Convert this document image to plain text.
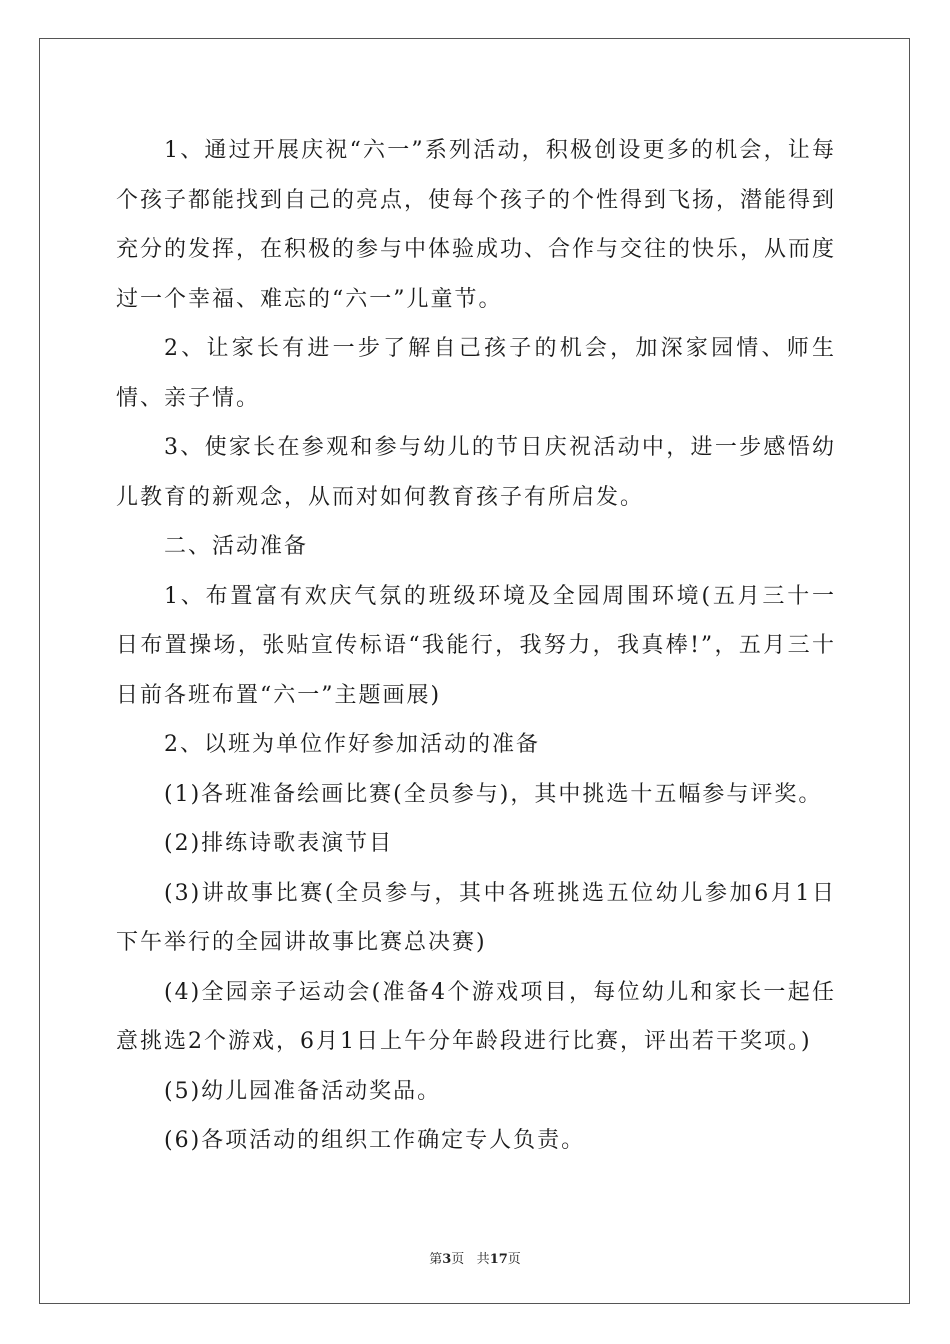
1、通过开展庆祝“六一”系列活动，积极创设更多的机会，让每个孩子都能找到自己的亮点，使每个孩子的个性得到飞扬，潜能得到充分的发挥，在积极的参与中体验成功、合作与交往的快乐，从而度过一个幸福、难忘的“六一”儿童节。

2、让家长有进一步了解自己孩子的机会，加深家园情、师生情、亲子情。

3、使家长在参观和参与幼儿的节日庆祝活动中，进一步感悟幼儿教育的新观念，从而对如何教育孩子有所启发。

二、活动准备

1、布置富有欢庆气氛的班级环境及全园周围环境(五月三十一日布置操场，张贴宣传标语“我能行，我努力，我真棒!”，五月三十日前各班布置“六一”主题画展)

2、以班为单位作好参加活动的准备

(1)各班准备绘画比赛(全员参与)，其中挑选十五幅参与评奖。

(2)排练诗歌表演节目

(3)讲故事比赛(全员参与，其中各班挑选五位幼儿参加6月1日下午举行的全园讲故事比赛总决赛)

(4)全园亲子运动会(准备4个游戏项目，每位幼儿和家长一起任意挑选2个游戏，6月1日上午分年龄段进行比赛，评出若干奖项。)

(5)幼儿园准备活动奖品。

(6)各项活动的组织工作确定专人负责。

第3页 共17页
